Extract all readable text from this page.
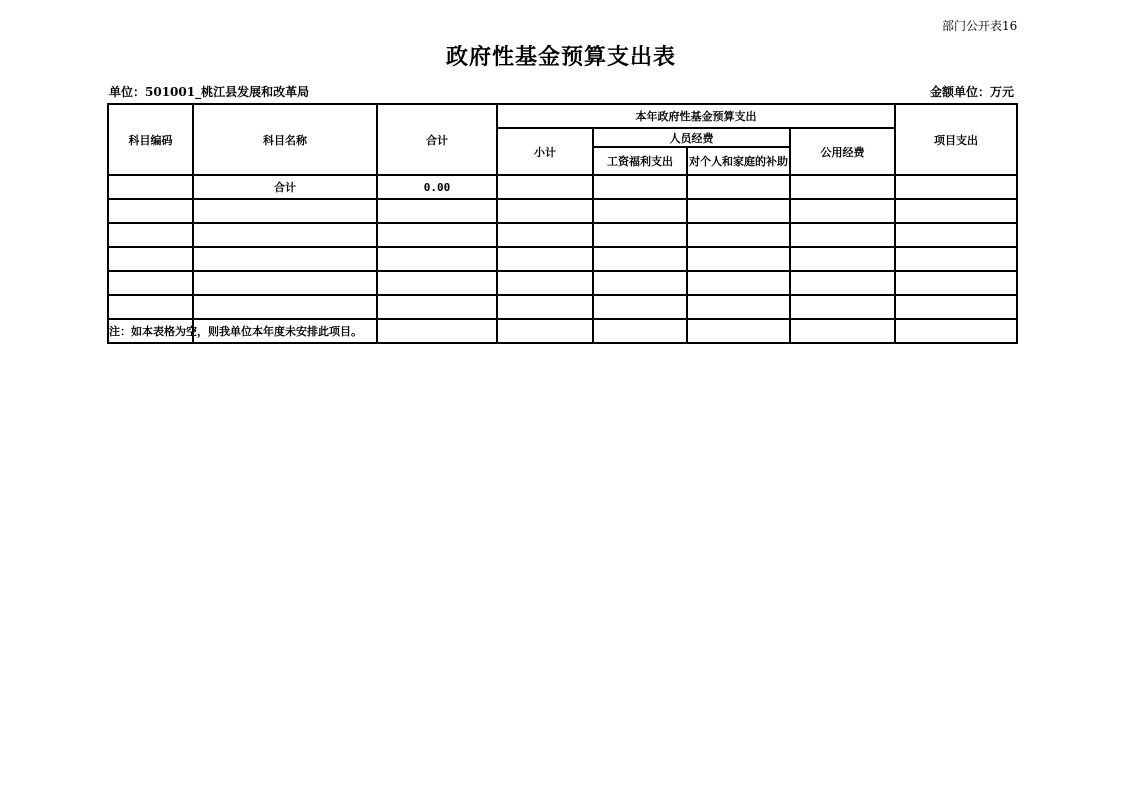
部门公开表16
政府性基金预算支出表
单位：501001_桃江县发展和改革局	金额单位：万元
科目编码	科目名称	合计	本年政府性基金预算支出				项目支出
			小计	人员经费		公用经费	
				工资福利支出	对个人和家庭的补助		
	合计	0.00					

注：如本表格为空，则我单位本年度未安排此项目。							
